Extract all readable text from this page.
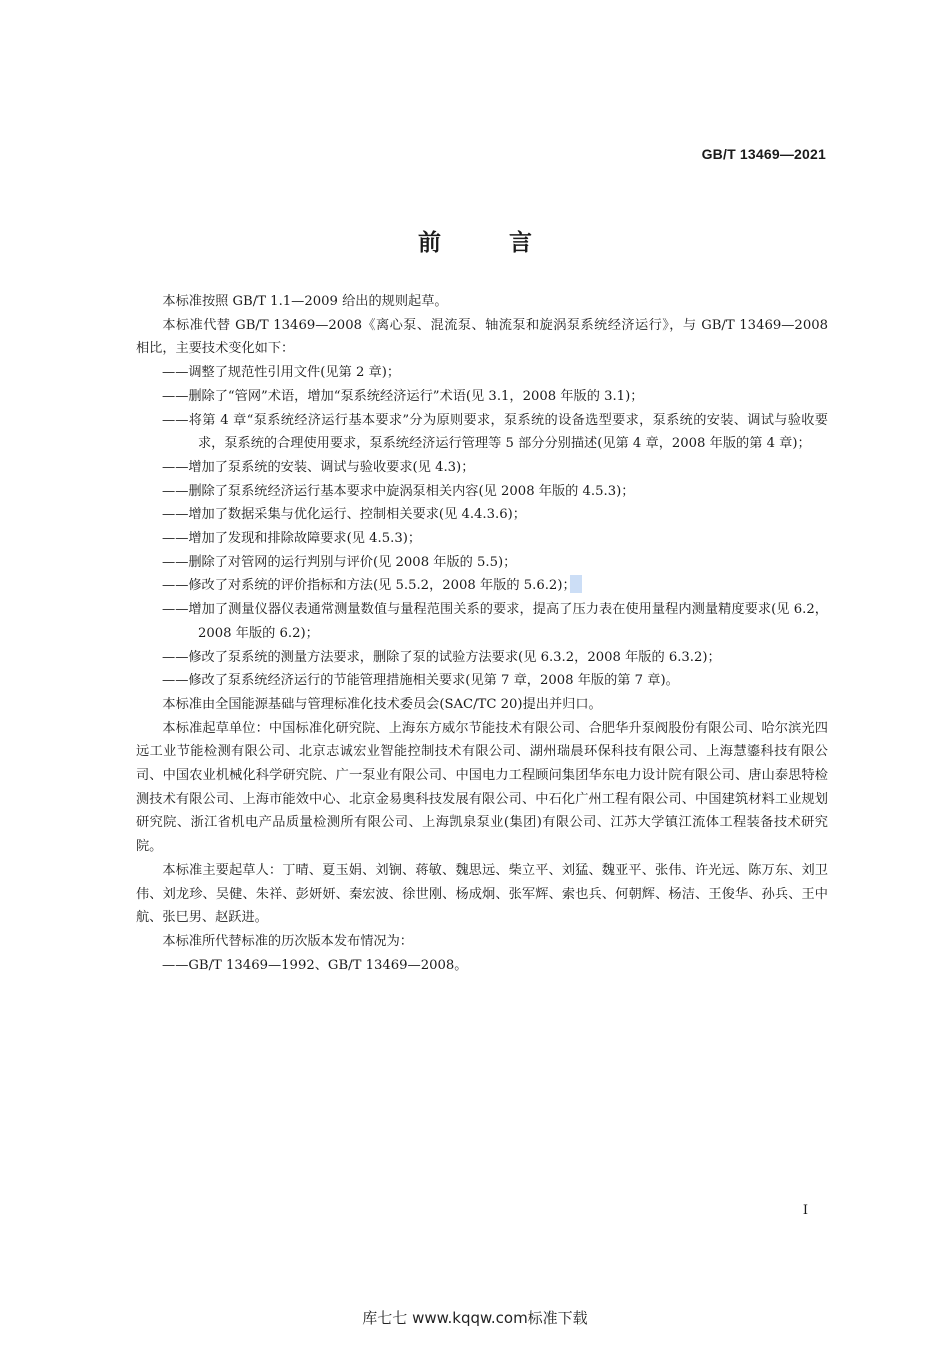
GB/T 13469—2021
前 言

本标准按照 GB/T 1.1—2009 给出的规则起草。

本标准代替 GB/T 13469—2008《离心泵、混流泵、轴流泵和旋涡泵系统经济运行》，与 GB/T 13469—2008 相比，主要技术变化如下：

——调整了规范性引用文件(见第 2 章)；

——删除了“管网”术语，增加“泵系统经济运行”术语(见 3.1，2008 年版的 3.1)；

——将第 4 章“泵系统经济运行基本要求”分为原则要求，泵系统的设备选型要求，泵系统的安装、调试与验收要求，泵系统的合理使用要求，泵系统经济运行管理等 5 部分分别描述(见第 4 章，2008 年版的第 4 章)；

——增加了泵系统的安装、调试与验收要求(见 4.3)；

——删除了泵系统经济运行基本要求中旋涡泵相关内容(见 2008 年版的 4.5.3)；

——增加了数据采集与优化运行、控制相关要求(见 4.4.3.6)；

——增加了发现和排除故障要求(见 4.5.3)；

——删除了对管网的运行判别与评价(见 2008 年版的 5.5)；

——修改了对系统的评价指标和方法(见 5.5.2，2008 年版的 5.6.2)；

——增加了测量仪器仪表通常测量数值与量程范围关系的要求，提高了压力表在使用量程内测量精度要求(见 6.2，2008 年版的 6.2)；

——修改了泵系统的测量方法要求，删除了泵的试验方法要求(见 6.3.2，2008 年版的 6.3.2)；

——修改了泵系统经济运行的节能管理措施相关要求(见第 7 章，2008 年版的第 7 章)。

本标准由全国能源基础与管理标准化技术委员会(SAC/TC 20)提出并归口。

本标准起草单位：中国标准化研究院、上海东方威尔节能技术有限公司、合肥华升泵阀股份有限公司、哈尔滨光四远工业节能检测有限公司、北京志诚宏业智能控制技术有限公司、湖州瑞晨环保科技有限公司、上海慧鎏科技有限公司、中国农业机械化科学研究院、广一泵业有限公司、中国电力工程顾问集团华东电力设计院有限公司、唐山泰思特检测技术有限公司、上海市能效中心、北京金易奥科技发展有限公司、中石化广州工程有限公司、中国建筑材料工业规划研究院、浙江省机电产品质量检测所有限公司、上海凯泉泵业(集团)有限公司、江苏大学镇江流体工程装备技术研究院。

本标准主要起草人：丁晴、夏玉娟、刘锎、蒋敏、魏思远、柴立平、刘猛、魏亚平、张伟、许光远、陈万东、刘卫伟、刘龙珍、吴健、朱祥、彭妍妍、秦宏波、徐世刚、杨成炯、张军辉、索也兵、何朝辉、杨洁、王俊华、孙兵、王中航、张巳男、赵跃进。

本标准所代替标准的历次版本发布情况为：

——GB/T 13469—1992、GB/T 13469—2008。

I
库七七 www.kqqw.com标准下载
